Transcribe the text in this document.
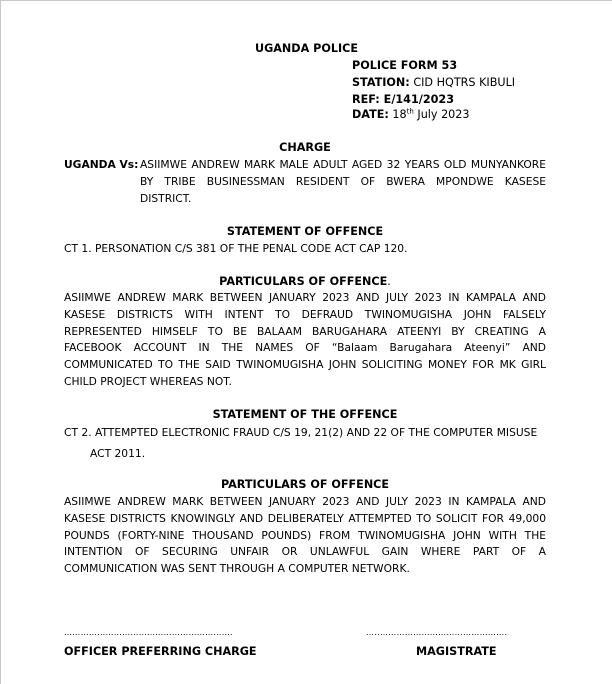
UGANDA POLICE
POLICE FORM 53
STATION: CID HQTRS KIBULI
REF: E/141/2023
DATE: 18th July 2023
CHARGE
UGANDA Vs: ASIIMWE ANDREW MARK MALE ADULT AGED 32 YEARS OLD MUNYANKORE BY TRIBE BUSINESSMAN RESIDENT OF BWERA MPONDWE KASESE DISTRICT.
STATEMENT OF OFFENCE
CT 1. PERSONATION C/S 381 OF THE PENAL CODE ACT CAP 120.
PARTICULARS OF OFFENCE.
ASIIMWE ANDREW MARK BETWEEN JANUARY 2023 AND JULY 2023 IN KAMPALA AND KASESE DISTRICTS WITH INTENT TO DEFRAUD TWINOMUGISHA JOHN FALSELY REPRESENTED HIMSELF TO BE BALAAM BARUGAHARA ATEENYI BY CREATING A FACEBOOK ACCOUNT IN THE NAMES OF “Balaam Barugahara Ateenyi” AND COMMUNICATED TO THE SAID TWINOMUGISHA JOHN SOLICITING MONEY FOR MK GIRL CHILD PROJECT WHEREAS NOT.
STATEMENT OF THE OFFENCE
CT 2. ATTEMPTED ELECTRONIC FRAUD C/S 19, 21(2) AND 22 OF THE COMPUTER MISUSE
ACT 2011.
PARTICULARS OF OFFENCE
ASIIMWE ANDREW MARK BETWEEN JANUARY 2023 AND JULY 2023 IN KAMPALA AND KASESE DISTRICTS KNOWINGLY AND DELIBERATELY ATTEMPTED TO SOLICIT FOR 49,000 POUNDS (FORTY-NINE THOUSAND POUNDS) FROM TWINOMUGISHA JOHN WITH THE INTENTION OF SECURING UNFAIR OR UNLAWFUL GAIN WHERE PART OF A COMMUNICATION WAS SENT THROUGH A COMPUTER NETWORK.
…………………………………………………….
OFFICER PREFERRING CHARGE
…..……………………………………….
MAGISTRATE
